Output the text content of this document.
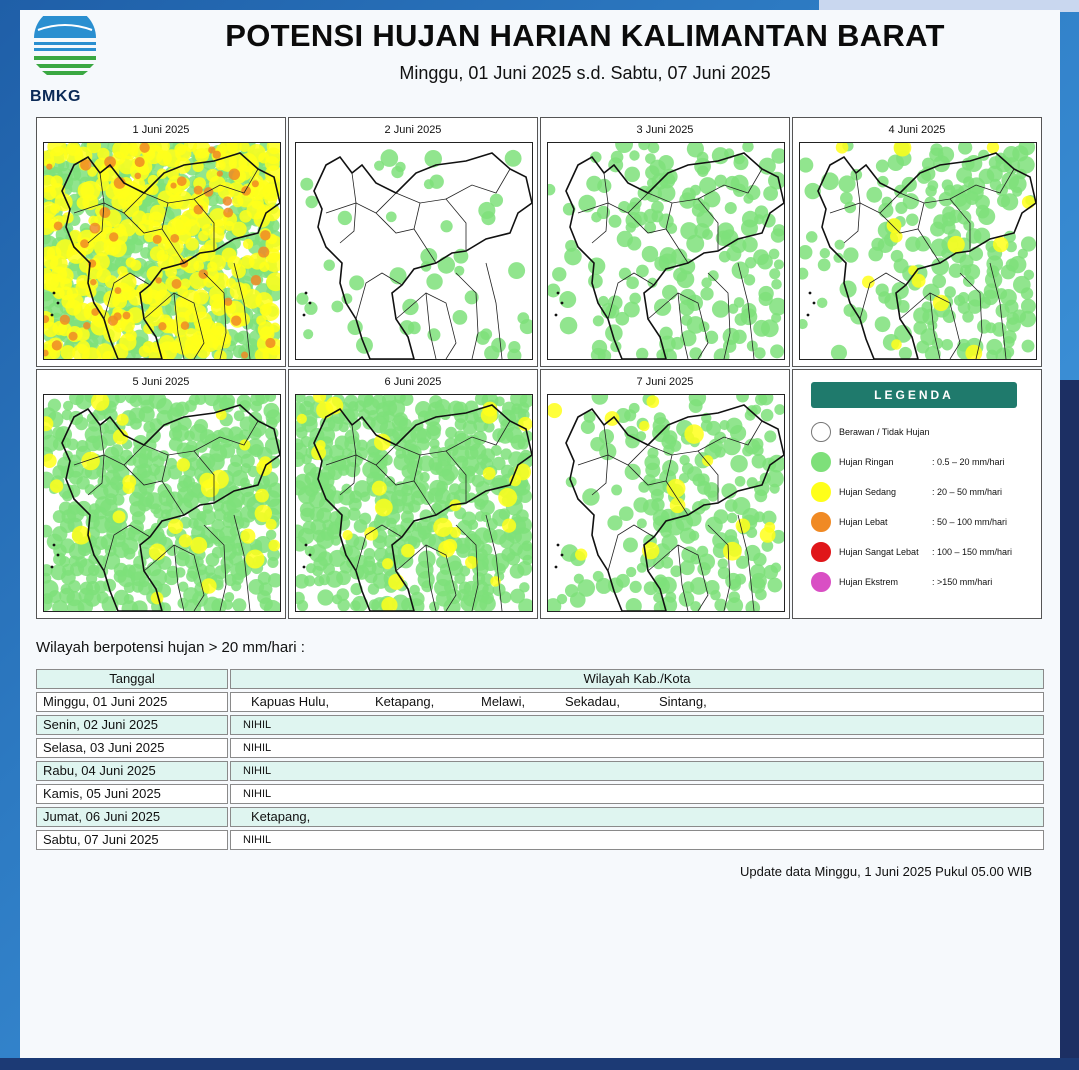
BMKG
POTENSI HUJAN HARIAN KALIMANTAN BARAT
Minggu, 01 Juni 2025 s.d. Sabtu, 07 Juni 2025
1 Juni 2025	2 Juni 2025	3 Juni 2025	4 Juni 2025
5 Juni 2025	6 Juni 2025	7 Juni 2025
LEGENDA
Berawan / Tidak Hujan
Hujan Ringan	: 0.5 – 20 mm/hari
Hujan Sedang	: 20 – 50 mm/hari
Hujan Lebat	: 50 – 100 mm/hari
Hujan Sangat Lebat : 100 – 150 mm/hari
Hujan Ekstrem	: >150 mm/hari
Wilayah berpotensi hujan > 20 mm/hari :
Tanggal	Wilayah Kab./Kota
Minggu, 01 Juni 2025	Kapuas Hulu,	Ketapang,	Melawi,	Sekadau,	Sintang,
Senin, 02 Juni 2025	NIHIL
Selasa, 03 Juni 2025	NIHIL
Rabu, 04 Juni 2025	NIHIL
Kamis, 05 Juni 2025	NIHIL
Jumat, 06 Juni 2025	Ketapang,
Sabtu, 07 Juni 2025	NIHIL
Update data Minggu, 1 Juni 2025 Pukul 05.00 WIB
